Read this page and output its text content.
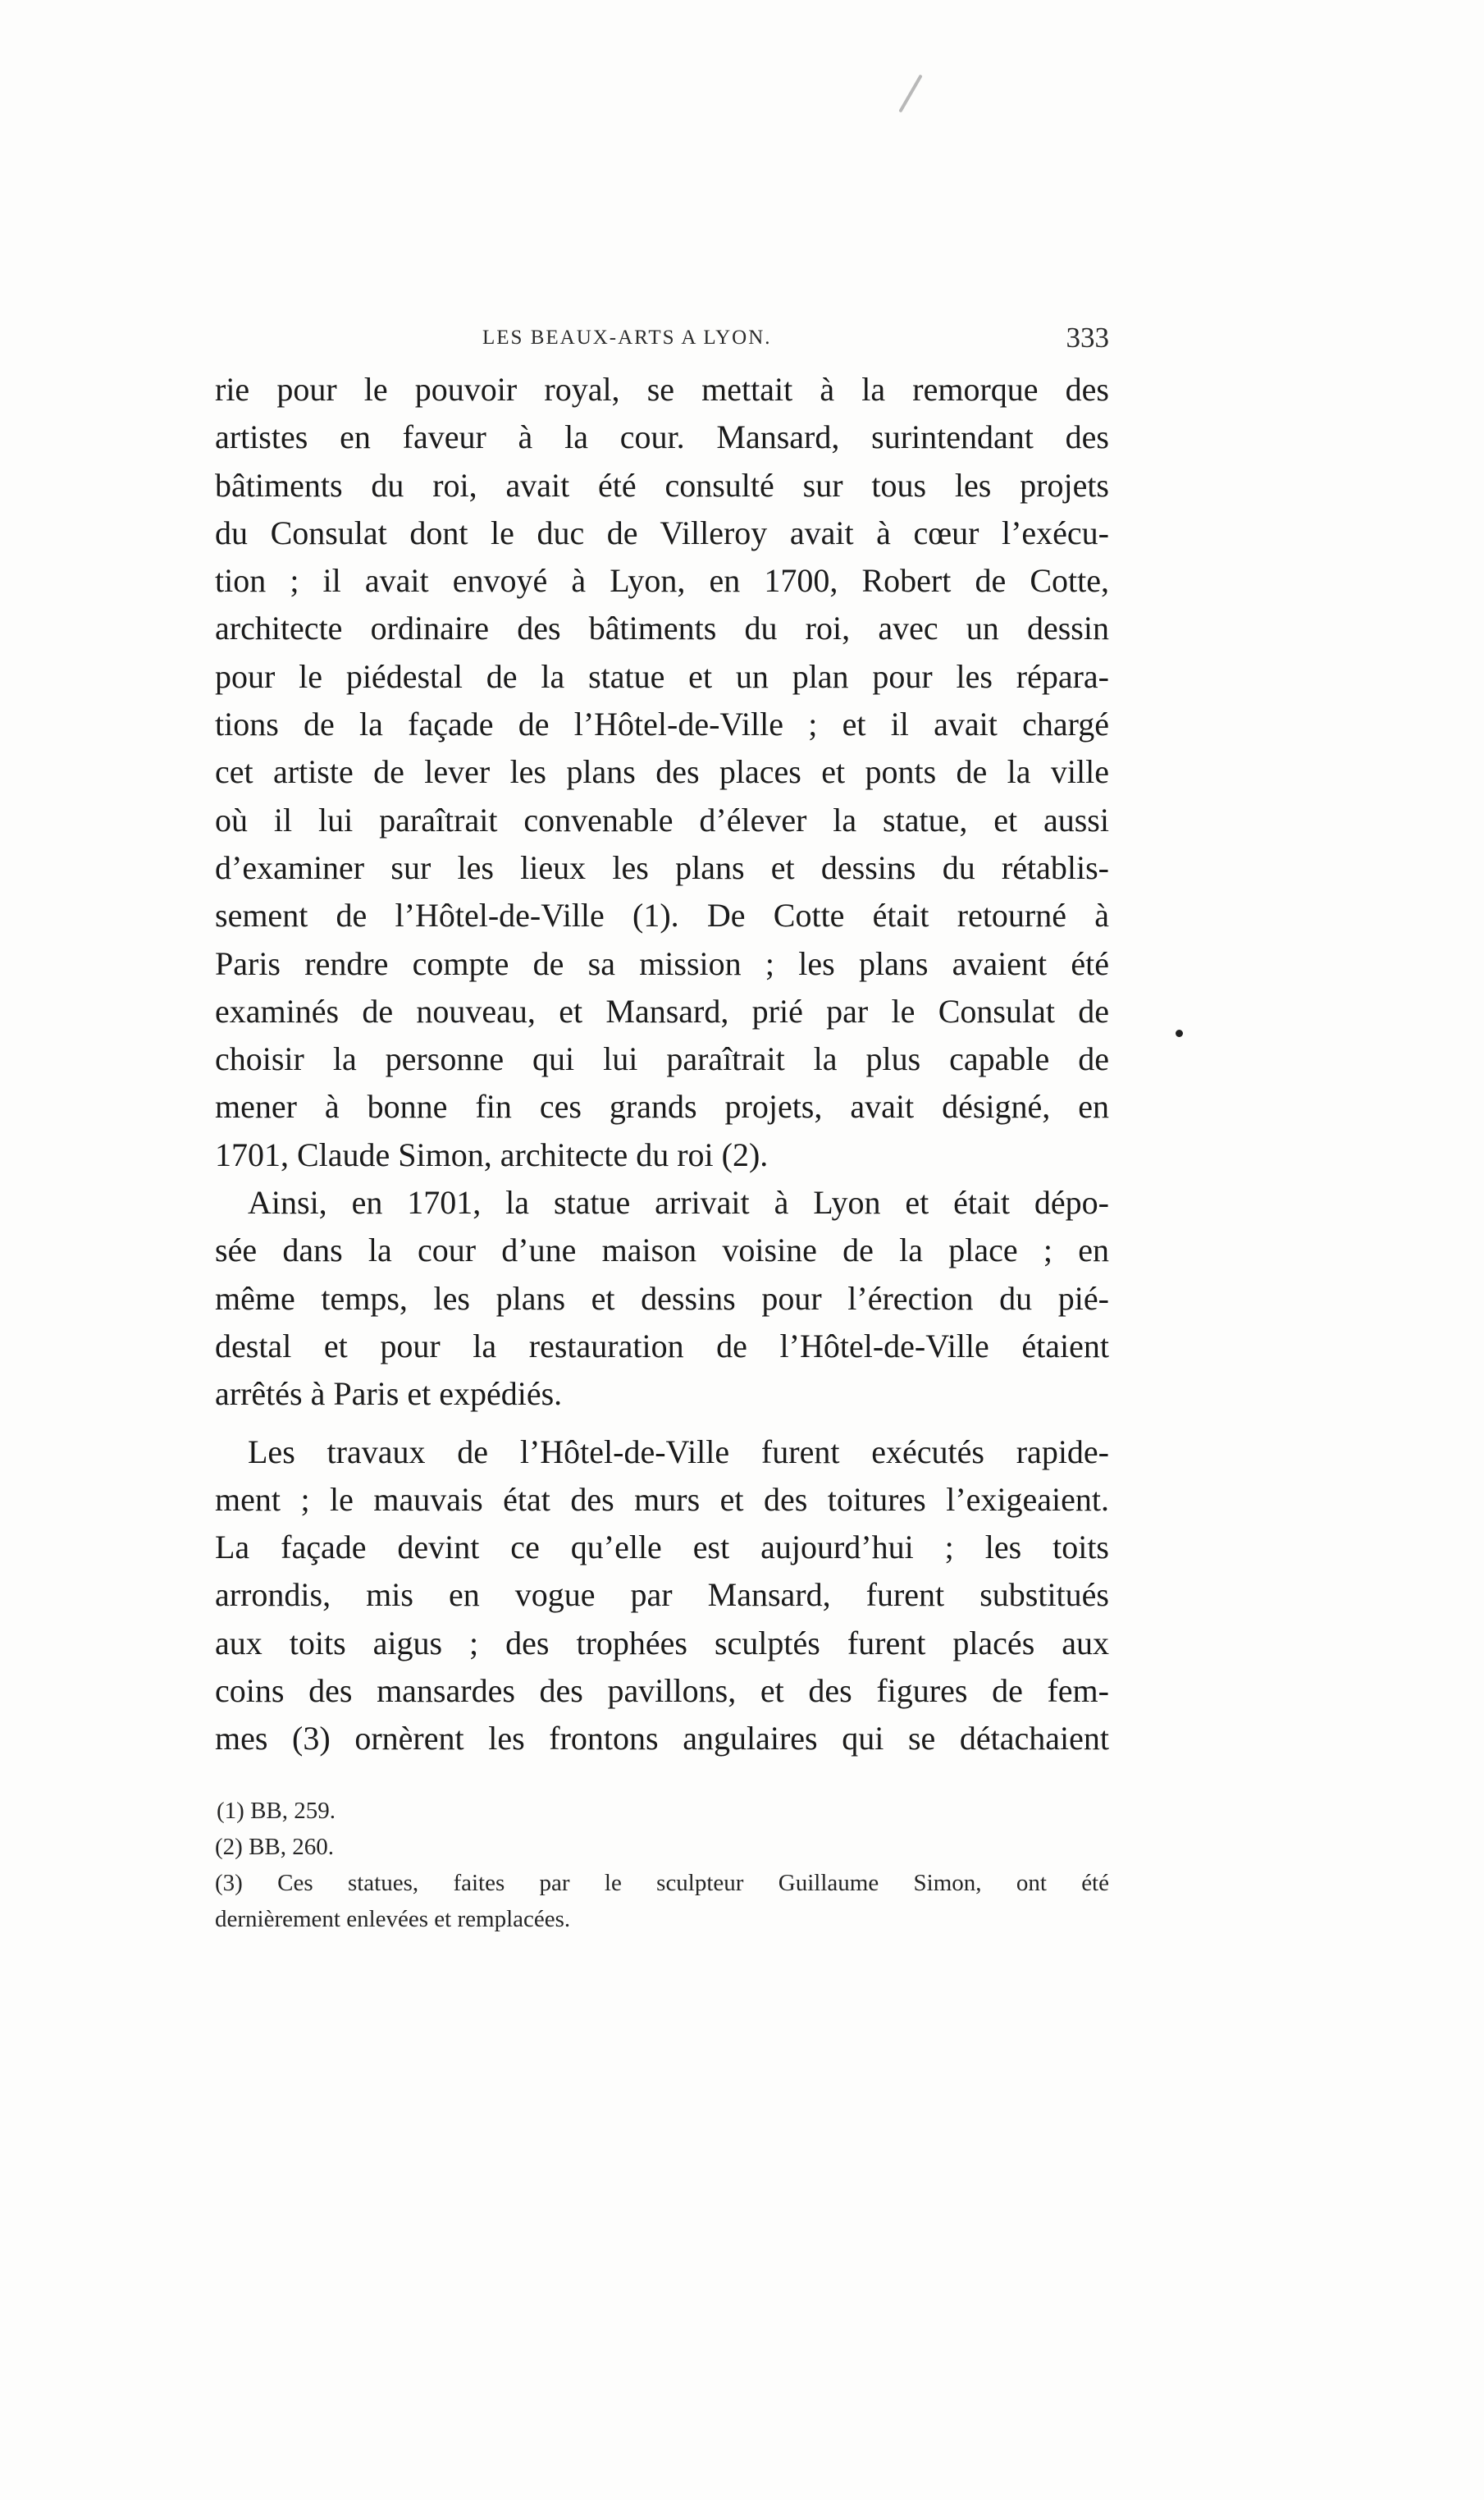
LES BEAUX-ARTS A LYON.	333
rie pour le pouvoir royal, se mettait à la remorque des
artistes en faveur à la cour. Mansard, surintendant des
bâtiments du roi, avait été consulté sur tous les projets
du Consulat dont le duc de Villeroy avait à cœur l’exécu-
tion ; il avait envoyé à Lyon, en 1700, Robert de Cotte,
architecte ordinaire des bâtiments du roi, avec un dessin
pour le piédestal de la statue et un plan pour les répara-
tions de la façade de l’Hôtel-de-Ville ; et il avait chargé
cet artiste de lever les plans des places et ponts de la ville
où il lui paraîtrait convenable d’élever la statue, et aussi
d’examiner sur les lieux les plans et dessins du rétablis-
sement de l’Hôtel-de-Ville (1). De Cotte était retourné à
Paris rendre compte de sa mission ; les plans avaient été
examinés de nouveau, et Mansard, prié par le Consulat de
choisir la personne qui lui paraîtrait la plus capable de
mener à bonne fin ces grands projets, avait désigné, en
1701, Claude Simon, architecte du roi (2).
Ainsi, en 1701, la statue arrivait à Lyon et était dépo-
sée dans la cour d’une maison voisine de la place ; en
même temps, les plans et dessins pour l’érection du pié-
destal et pour la restauration de l’Hôtel-de-Ville étaient
arrêtés à Paris et expédiés.
Les travaux de l’Hôtel-de-Ville furent exécutés rapide-
ment ; le mauvais état des murs et des toitures l’exigeaient.
La façade devint ce qu’elle est aujourd’hui ; les toits
arrondis, mis en vogue par Mansard, furent substitués
aux toits aigus ; des trophées sculptés furent placés aux
coins des mansardes des pavillons, et des figures de fem-
mes (3) ornèrent les frontons angulaires qui se détachaient
(1) BB, 259.
(2) BB, 260.
(3) Ces statues, faites par le sculpteur Guillaume Simon, ont été
dernièrement enlevées et remplacées.
